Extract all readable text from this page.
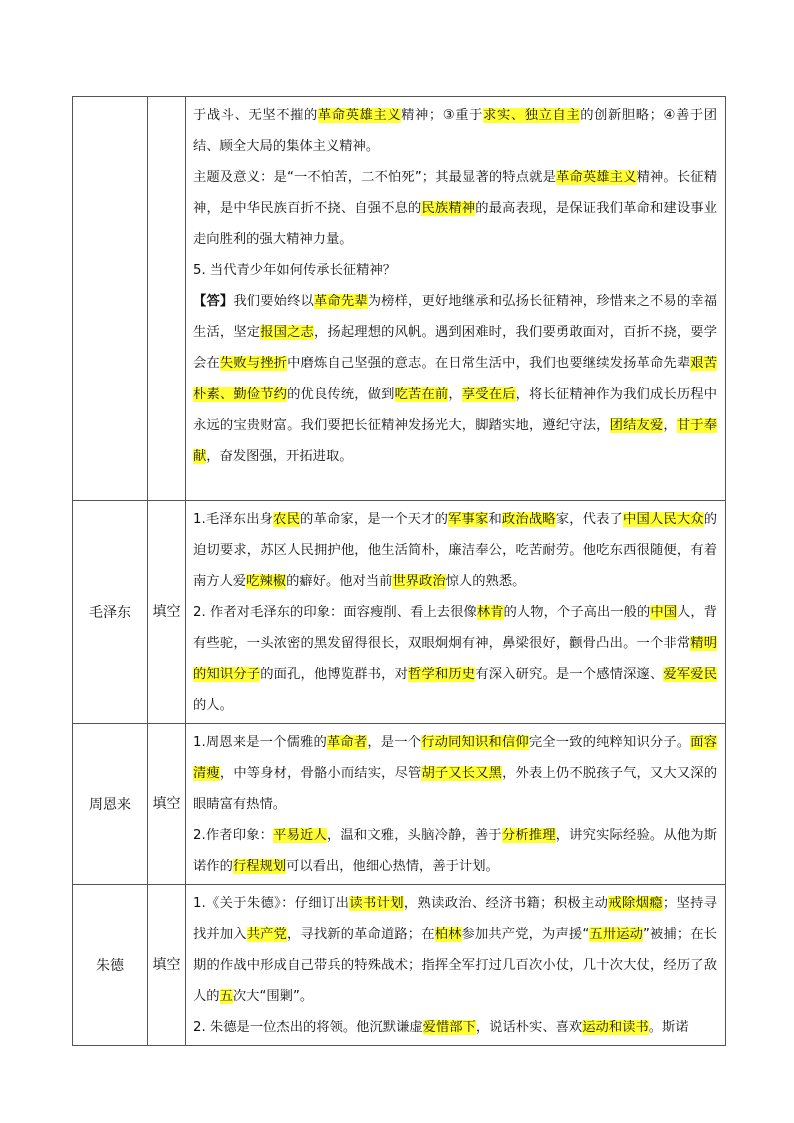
		于战斗、无坚不摧的革命英雄主义精神；③重于求实、独立自主的创新胆略；④善于团结、顾全大局的集体主义精神。

主题及意义：是“一不怕苦，二不怕死”；其最显著的特点就是革命英雄主义精神。长征精神，是中华民族百折不挠、自强不息的民族精神的最高表现，是保证我们革命和建设事业走向胜利的强大精神力量。

5. 当代青少年如何传承长征精神？

【答】我们要始终以革命先辈为榜样，更好地继承和弘扬长征精神，珍惜来之不易的幸福生活，坚定报国之志，扬起理想的风帆。遇到困难时，我们要勇敢面对，百折不挠，要学会在失败与挫折中磨炼自己坚强的意志。在日常生活中，我们也要继续发扬革命先辈艰苦朴素、勤俭节约的优良传统，做到吃苦在前，享受在后，将长征精神作为我们成长历程中永远的宝贵财富。我们要把长征精神发扬光大，脚踏实地，遵纪守法，团结友爱，甘于奉献，奋发图强，开拓进取。

毛泽东	填空	1.毛泽东出身农民的革命家，是一个天才的军事家和政治战略家，代表了中国人民大众的迫切要求，苏区人民拥护他，他生活简朴，廉洁奉公，吃苦耐劳。他吃东西很随便，有着南方人爱吃辣椒的癖好。他对当前世界政治惊人的熟悉。

2. 作者对毛泽东的印象：面容瘦削、看上去很像林肯的人物，个子高出一般的中国人，背有些驼，一头浓密的黑发留得很长，双眼炯炯有神，鼻梁很好，颧骨凸出。一个非常精明的知识分子的面孔，他博览群书，对哲学和历史有深入研究。是一个感情深邃、爱军爱民的人。

周恩来	填空	1.周恩来是一个儒雅的革命者，是一个行动同知识和信仰完全一致的纯粹知识分子。面容清瘦，中等身材，骨骼小而结实，尽管胡子又长又黑，外表上仍不脱孩子气，又大又深的眼睛富有热情。

2.作者印象：平易近人，温和文雅，头脑冷静，善于分析推理，讲究实际经验。从他为斯诺作的行程规划可以看出，他细心热情，善于计划。

朱德	填空	1.《关于朱德》：仔细订出读书计划，熟读政治、经济书籍；积极主动戒除烟瘾；坚持寻找并加入共产党，寻找新的革命道路；在柏林参加共产党，为声援“五卅运动”被捕；在长期的作战中形成自己带兵的特殊战术；指挥全军打过几百次小仗，几十次大仗，经历了敌人的五次大“围剿”。

2. 朱德是一位杰出的将领。他沉默谦虚爱惜部下，说话朴实、喜欢运动和读书。斯诺
